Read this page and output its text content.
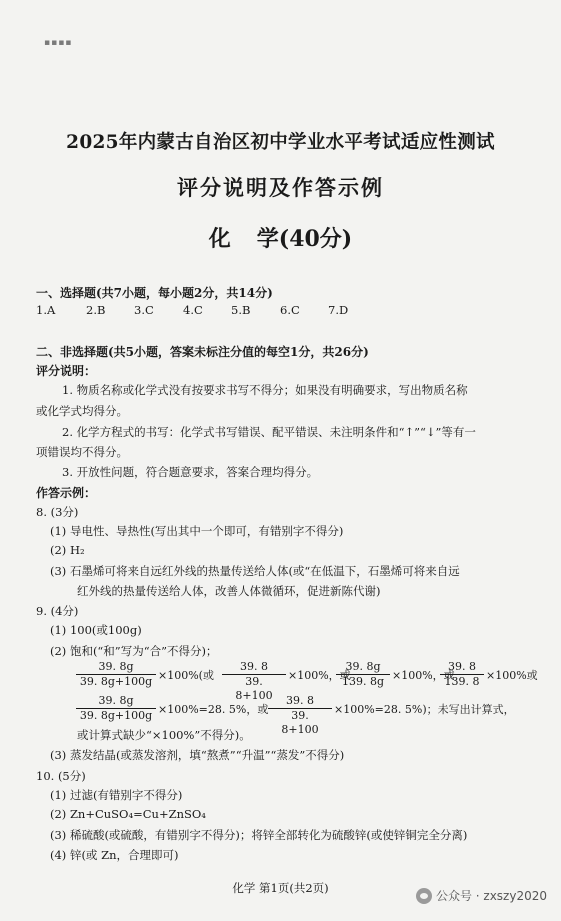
▪▪▪▪
2025年内蒙古自治区初中学业水平考试适应性测试
评分说明及作答示例
化 学(40分)
一、选择题(共7小题，每小题2分，共14分)
1.A	2.B 3.C	4.C 5.B	6.C 7.D
二、非选择题(共5小题，答案未标注分值的每空1分，共26分)
评分说明：
1. 物质名称或化学式没有按要求书写不得分；如果没有明确要求，写出物质名称
或化学式均得分。
2. 化学方程式的书写：化学式书写错误、配平错误、未注明条件和“↑”“↓”等有一
项错误均不得分。
3. 开放性问题，符合题意要求，答案合理均得分。
作答示例：
8. (3分)
(1) 导电性、导热性(写出其中一个即可，有错别字不得分)
(2) H₂
(3) 石墨烯可将来自远红外线的热量传送给人体(或“在低温下，石墨烯可将来自远
红外线的热量传送给人体，改善人体微循环，促进新陈代谢)
9. (4分)
(1) 100(或100g)
(2) 饱和(“和”写为“合”不得分)；
$\frac{39. 8g}{39. 8g+100g} \times 100\%$(或 $\frac{39. 8}{39. 8+100} \times 100\%$，或
$\frac{39. 8g}{139. 8g} \times 100\%$，或
$\frac{39. 8}{139. 8} \times 100\%$或
$\frac{39. 8g}{39. 8g+100g} \times 100\%=28$. 5%，或 $\frac{39. 8}{39. 8+100} \times 100\%=28$. 5%)；未写出计算式，
或计算式缺少“×100%”不得分)。
(3) 蒸发结晶(或蒸发溶剂，填“熬煮”“升温”“蒸发”不得分)
10. (5分)
(1) 过滤(有错别字不得分)
(2) Zn+CuSO₄=Cu+ZnSO₄
(3) 稀硫酸(或硫酸，有错别字不得分)；将锌全部转化为硫酸锌(或使锌铜完全分离)
(4) 锌(或 Zn，合理即可)
化学 第1页(共2页)
公众号 · zxszy2020
